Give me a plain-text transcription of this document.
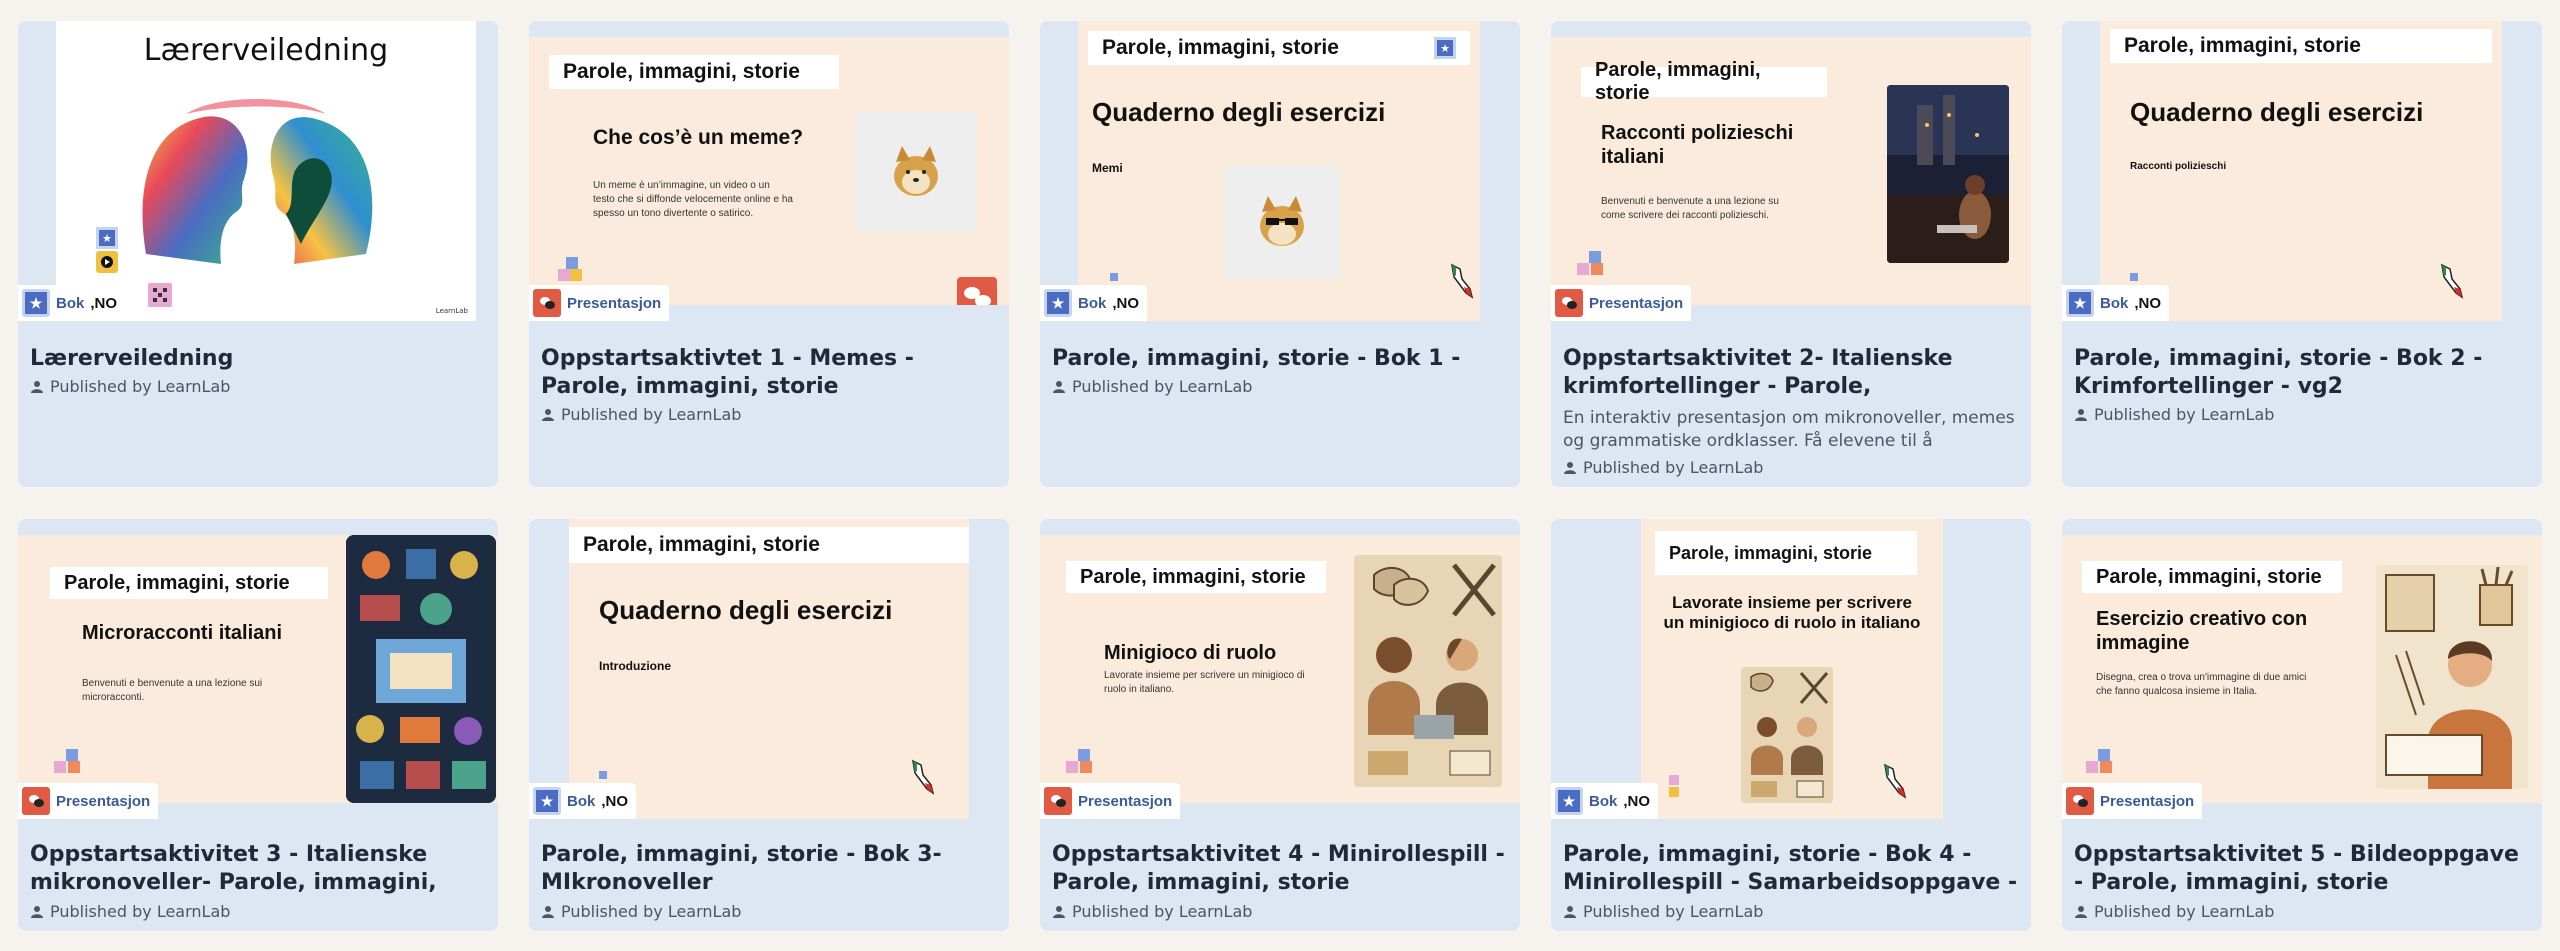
Lærerveiledning
LearnLab
★
★ Bok ,NO
Lærerveiledning
Published by LearnLab
Parole, immagini, storie
Che cos’è un meme?
Un meme è un’immagine, un video o un testo che si diffonde velocemente online e ha spesso un tono divertente o satirico.
Presentasjon
Oppstartsaktivtet 1 - Memes - Parole, immagini, storie
Published by LearnLab
Parole, immagini, storie	★
Quaderno degli esercizi
Memi
★ Bok ,NO
Parole, immagini, storie - Bok 1 -
Published by LearnLab
Parole, immagini, storie
Racconti polizieschi italiani
Benvenuti e benvenute a una lezione su come scrivere dei racconti polizieschi.
Presentasjon
Oppstartsaktivitet 2- Italienske krimfortellinger - Parole,
En interaktiv presentasjon om mikronoveller, memes og grammatiske ordklasser. Få elevene til å
Published by LearnLab
Parole, immagini, storie
Quaderno degli esercizi
Racconti polizieschi
★ Bok ,NO
Parole, immagini, storie - Bok 2 - Krimfortellinger - vg2
Published by LearnLab
Parole, immagini, storie
Microracconti italiani
Benvenuti e benvenute a una lezione sui microracconti.
Presentasjon
Oppstartsaktivitet 3 - Italienske mikronoveller- Parole, immagini,
Published by LearnLab
Parole, immagini, storie
Quaderno degli esercizi
Introduzione
★ Bok ,NO
Parole, immagini, storie - Bok 3- MIkronoveller
Published by LearnLab
Parole, immagini, storie
Minigioco di ruolo
Lavorate insieme per scrivere un minigioco di ruolo in italiano.
Presentasjon
Oppstartsaktivitet 4 - Minirollespill - Parole, immagini, storie
Published by LearnLab
Parole, immagini, storie
Lavorate insieme per scrivere un minigioco di ruolo in italiano
★ Bok ,NO
Parole, immagini, storie - Bok 4 - Minirollespill - Samarbeidsoppgave -
Published by LearnLab
Parole, immagini, storie
Esercizio creativo con immagine
Disegna, crea o trova un'immagine di due amici che fanno qualcosa insieme in Italia.
Presentasjon
Oppstartsaktivitet 5 - Bildeoppgave - Parole, immagini, storie
Published by LearnLab
